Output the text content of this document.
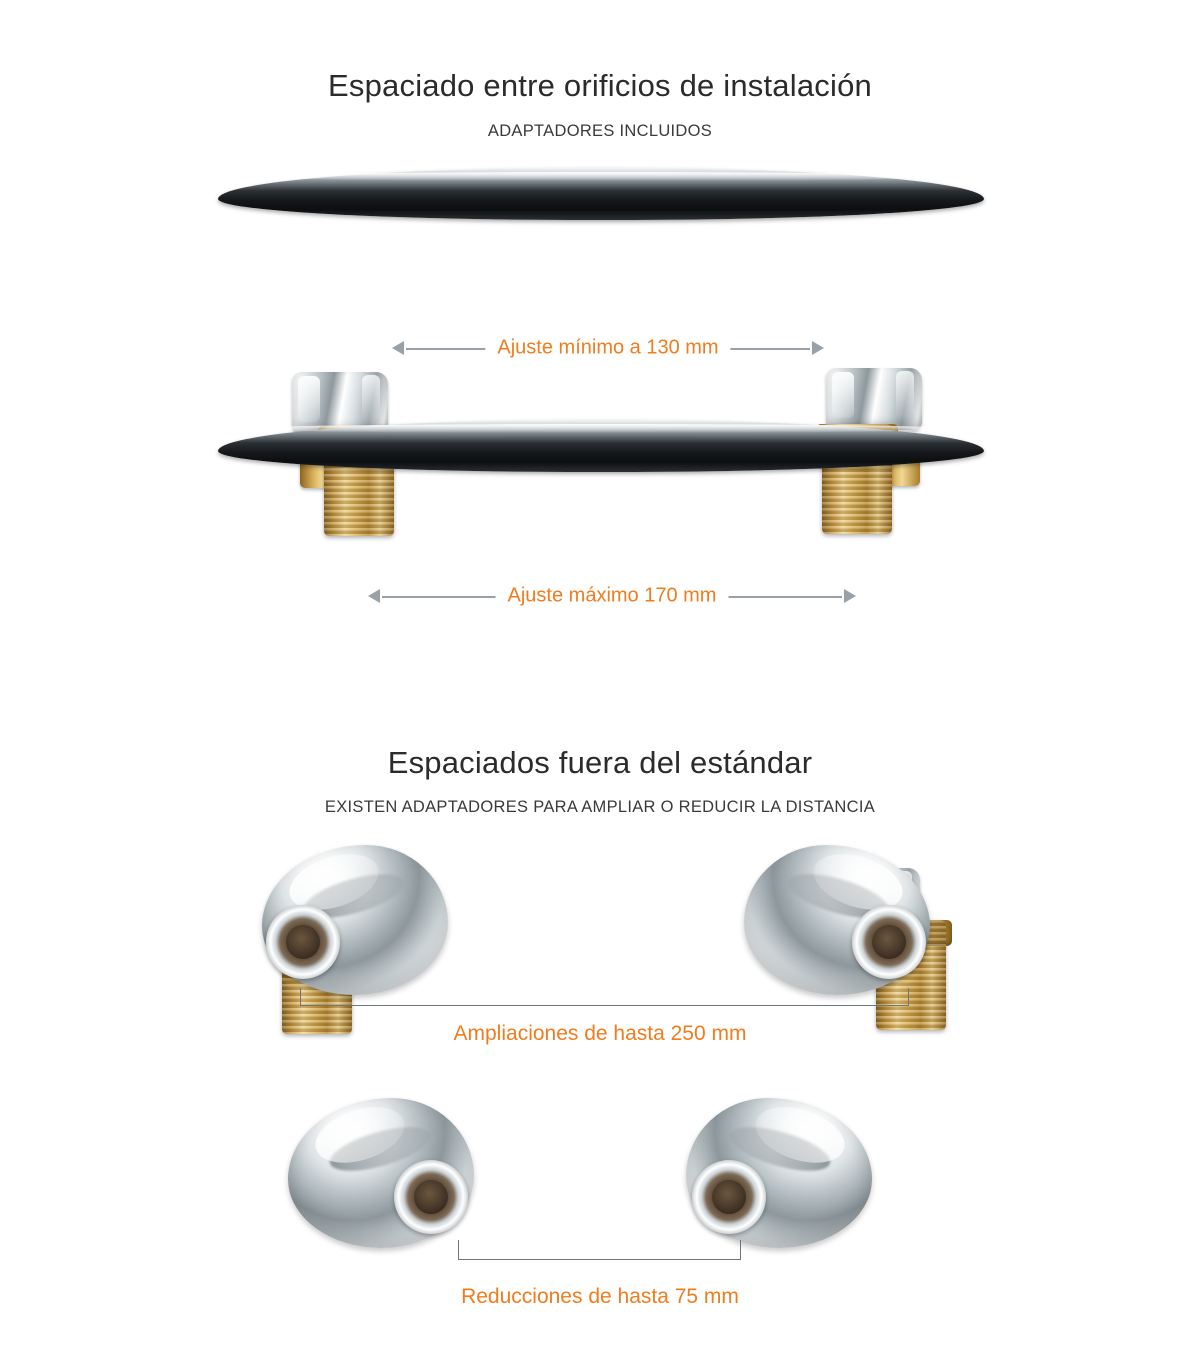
Espaciado entre orificios de instalación
ADAPTADORES INCLUIDOS
Ajuste mínimo a 130 mm
Ajuste máximo 170 mm
Espaciados fuera del estándar
EXISTEN ADAPTADORES PARA AMPLIAR O REDUCIR LA DISTANCIA
Ampliaciones de hasta 250 mm
Reducciones de hasta 75 mm
